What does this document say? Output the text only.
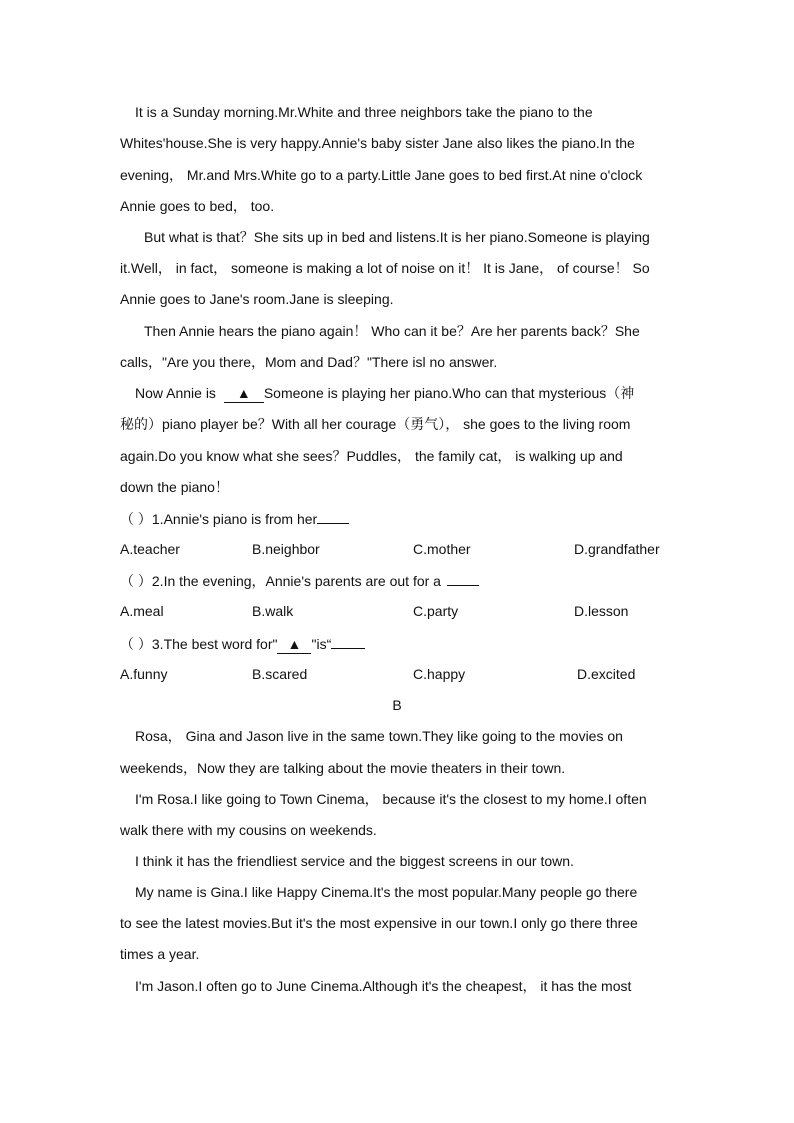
It is a Sunday morning.Mr.White and three neighbors take the piano to the
Whites'house.She is very happy.Annie's baby sister Jane also likes the piano.In the
evening， Mr.and Mrs.White go to a party.Little Jane goes to bed first.At nine o'clock
Annie goes to bed， too.
But what is that？She sits up in bed and listens.It is her piano.Someone is playing
it.Well， in fact， someone is making a lot of noise on it！ It is Jane， of course！ So
Annie goes to Jane's room.Jane is sleeping.
Then Annie hears the piano again！ Who can it be？Are her parents back？She
calls，"Are you there，Mom and Dad？"There isl no answer.
Now Annie is ▲ Someone is playing her piano.Who can that mysterious（神
秘的）piano player be？With all her courage（勇气）， she goes to the living room
again.Do you know what she sees？Puddles， the family cat， is walking up and
down the piano！
（ ）1.Annie's piano is from her
A.teacher	B.neighbor	C.mother	D.grandfather
（ ）2.In the evening，Annie's parents are out for a
A.meal	B.walk	C.party	D.lesson
（ ）3.The best word for" ▲ "is“
A.funny	B.scared	C.happy	D.excited
B
Rosa， Gina and Jason live in the same town.They like going to the movies on
weekends，Now they are talking about the movie theaters in their town.
I'm Rosa.I like going to Town Cinema， because it's the closest to my home.I often
walk there with my cousins on weekends.
I think it has the friendliest service and the biggest screens in our town.
My name is Gina.I like Happy Cinema.It's the most popular.Many people go there
to see the latest movies.But it's the most expensive in our town.I only go there three
times a year.
I'm Jason.I often go to June Cinema.Although it's the cheapest， it has the most
